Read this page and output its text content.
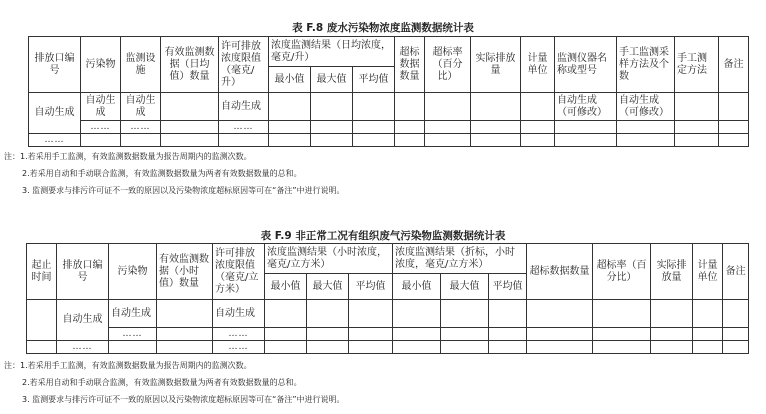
表 F.8 废水污染物浓度监测数据统计表
排放口编号	污染物	监测设施	有效监测数据（日均值）数量	许可排放浓度限值（毫克/升）	浓度监测结果（日均浓度，毫克/升）			超标数据数量	超标率（百分比）	实际排放量	计量单位	监测仪器名称或型号	手工监测采样方法及个数	手工测定方法	备注
					最小值	最大值	平均值								
自动生成	自动生成	自动生成		自动生成								自动生成（可修改）	自动生成（可修改）		
	……	……		……											
……															
注：1.若采用手工监测，有效监测数据数量为报告周期内的监测次数。
2.若采用自动和手动联合监测，有效监测数据数量为两者有效数据数量的总和。
3. 监测要求与排污许可证不一致的原因以及污染物浓度超标原因等可在“备注”中进行说明。
表 F.9 非正常工况有组织废气污染物监测数据统计表
起止时间	排放口编号	污染物	有效监测数据（小时值）数量	许可排放浓度限值（毫克/立方米）	浓度监测结果（小时浓度，毫克/立方米）			浓度监测结果（折标，小时浓度，毫克/立方米）			超标数据数量	超标率（百分比）	实际排放量	计量单位	备注
					最小值	最大值	平均值	最小值	最大值	平均值					
	自动生成	自动生成		自动生成											
		……		……											
	……			……											
注：1.若采用手工监测，有效监测数据数量为报告周期内的监测次数。
2.若采用自动和手动联合监测，有效监测数据数量为两者有效数据数量的总和。
3. 监测要求与排污许可证不一致的原因以及污染物浓度超标原因等可在“备注”中进行说明。
